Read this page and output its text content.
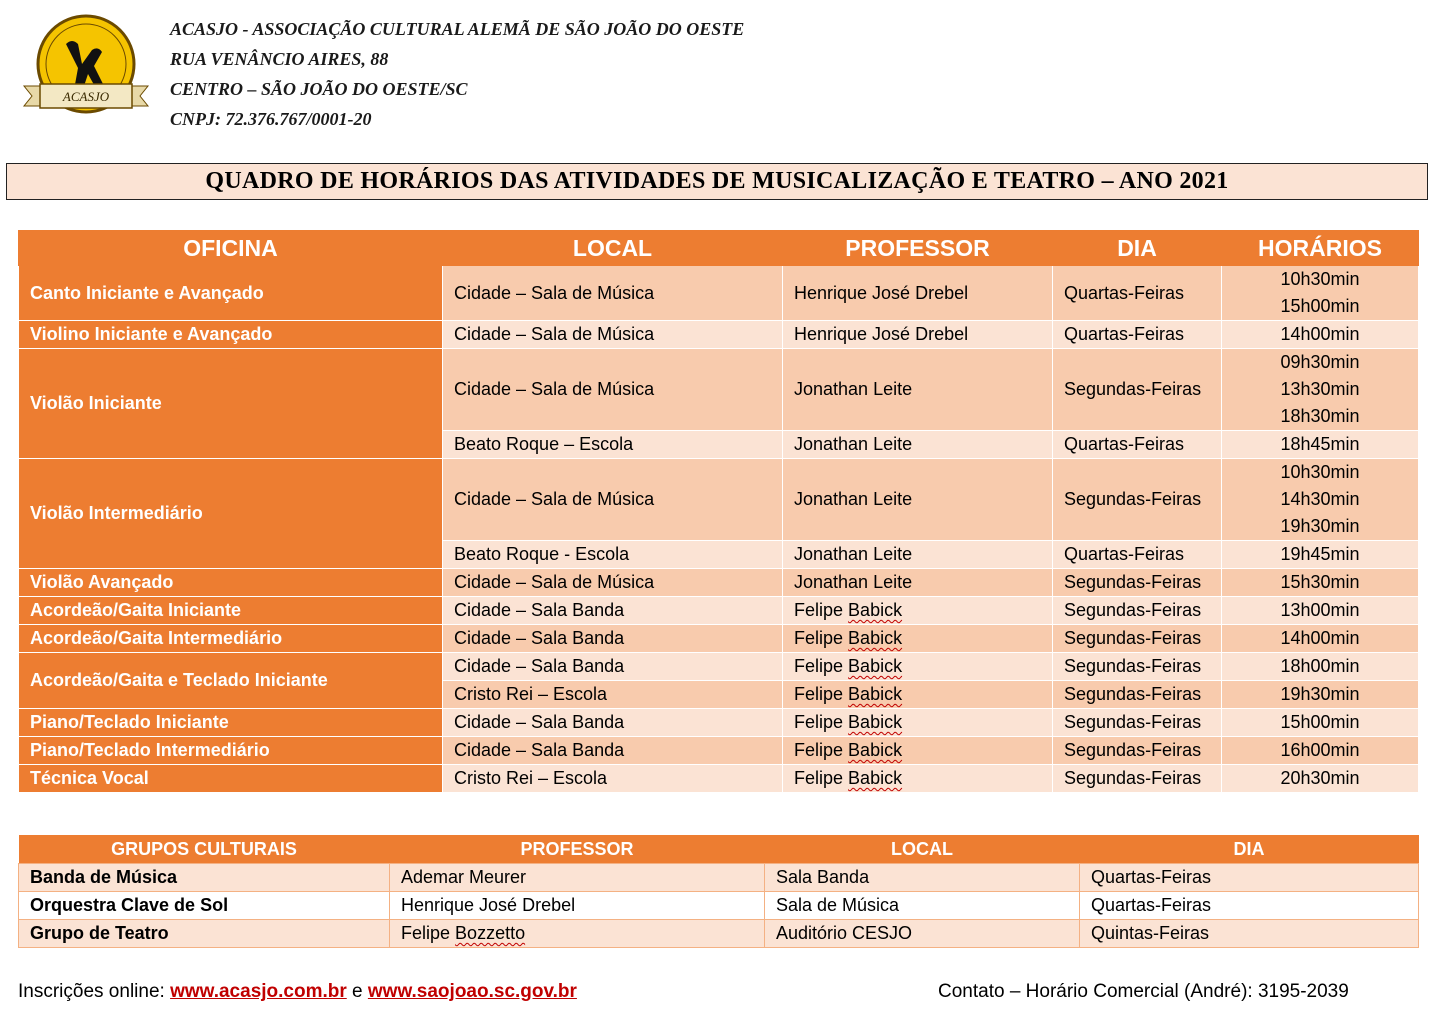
ACASJO
ACASJO - ASSOCIAÇÃO CULTURAL ALEMÃ DE SÃO JOÃO DO OESTE
RUA VENÂNCIO AIRES, 88
CENTRO – SÃO JOÃO DO OESTE/SC
CNPJ: 72.376.767/0001-20
QUADRO DE HORÁRIOS DAS ATIVIDADES DE MUSICALIZAÇÃO E TEATRO – ANO 2021
OFICINA	LOCAL	PROFESSOR	DIA	HORÁRIOS
Canto Iniciante e Avançado	Cidade – Sala de Música	Henrique José Drebel	Quartas-Feiras	10h30min
15h00min

Violino Iniciante e Avançado	Cidade – Sala de Música	Henrique José Drebel	Quartas-Feiras	14h00min

Violão Iniciante	Cidade – Sala de Música	Jonathan Leite	Segundas-Feiras	09h30min
13h30min
18h30min

	Beato Roque – Escola	Jonathan Leite	Quartas-Feiras	18h45min

Violão Intermediário	Cidade – Sala de Música	Jonathan Leite	Segundas-Feiras	10h30min
14h30min
19h30min

	Beato Roque - Escola	Jonathan Leite	Quartas-Feiras	19h45min

Violão Avançado	Cidade – Sala de Música	Jonathan Leite	Segundas-Feiras	15h30min

Acordeão/Gaita Iniciante	Cidade – Sala Banda	Felipe Babick	Segundas-Feiras	13h00min

Acordeão/Gaita Intermediário	Cidade – Sala Banda	Felipe Babick	Segundas-Feiras	14h00min

Acordeão/Gaita e Teclado Iniciante	Cidade – Sala Banda	Felipe Babick	Segundas-Feiras	18h00min

	Cristo Rei – Escola	Felipe Babick	Segundas-Feiras	19h30min

Piano/Teclado Iniciante	Cidade – Sala Banda	Felipe Babick	Segundas-Feiras	15h00min

Piano/Teclado Intermediário	Cidade – Sala Banda	Felipe Babick	Segundas-Feiras	16h00min

Técnica Vocal	Cristo Rei – Escola	Felipe Babick	Segundas-Feiras	20h30min
GRUPOS CULTURAIS	PROFESSOR	LOCAL	DIA
Banda de Música	Ademar Meurer	Sala Banda	Quartas-Feiras
Orquestra Clave de Sol	Henrique José Drebel	Sala de Música	Quartas-Feiras
Grupo de Teatro	Felipe Bozzetto	Auditório CESJO	Quintas-Feiras
Inscrições online: www.acasjo.com.br e www.saojoao.sc.gov.br	Contato – Horário Comercial (André): 3195-2039
